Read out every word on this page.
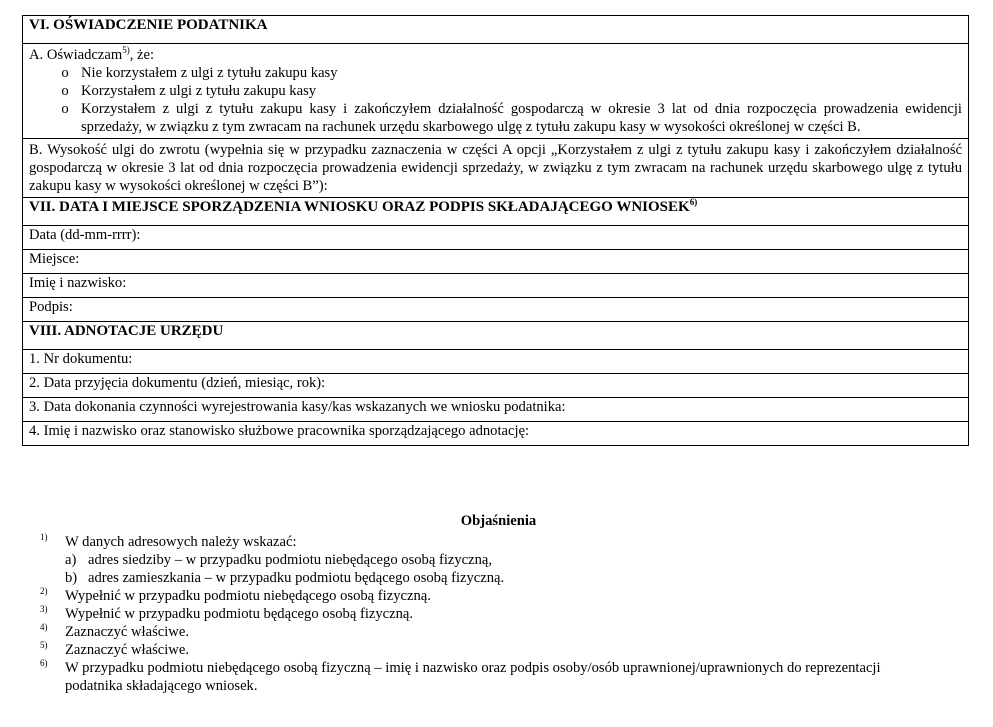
VI. OŚWIADCZENIE PODATNIKA

A. Oświadczam$^{5)}$, że:
o Nie korzystałem z ulgi z tytułu zakupu kasy
o Korzystałem z ulgi z tytułu zakupu kasy
o Korzystałem z ulgi z tytułu zakupu kasy i zakończyłem działalność gospodarczą w okresie 3 lat od dnia rozpoczęcia prowadzenia ewidencji sprzedaży, w związku z tym zwracam na rachunek urzędu skarbowego ulgę z tytułu zakupu kasy w wysokości określonej w części B.

B. Wysokość ulgi do zwrotu (wypełnia się w przypadku zaznaczenia w części A opcji „Korzystałem z ulgi z tytułu zakupu kasy i zakończyłem działalność gospodarczą w okresie 3 lat od dnia rozpoczęcia prowadzenia ewidencji sprzedaży, w związku z tym zwracam na rachunek urzędu skarbowego ulgę z tytułu zakupu kasy w wysokości określonej w części B”):
VII. DATA I MIEJSCE SPORZĄDZENIA WNIOSKU ORAZ PODPIS SKŁADAJĄCEGO WNIOSEK$^{6)}$
Data (dd-mm-rrrr):
Miejsce:
Imię i nazwisko:
Podpis:
VIII. ADNOTACJE URZĘDU
1. Nr dokumentu:
2. Data przyjęcia dokumentu (dzień, miesiąc, rok):
3. Data dokonania czynności wyrejestrowania kasy/kas wskazanych we wniosku podatnika:
4. Imię i nazwisko oraz stanowisko służbowe pracownika sporządzającego adnotację:
Objaśnienia
1) W danych adresowych należy wskazać:
a) adres siedziby – w przypadku podmiotu niebędącego osobą fizyczną,
b) adres zamieszkania – w przypadku podmiotu będącego osobą fizyczną.
2) Wypełnić w przypadku podmiotu niebędącego osobą fizyczną.
3) Wypełnić w przypadku podmiotu będącego osobą fizyczną.
4) Zaznaczyć właściwe.
5) Zaznaczyć właściwe.
6) W przypadku podmiotu niebędącego osobą fizyczną – imię i nazwisko oraz podpis osoby/osób uprawnionej/uprawnionych do reprezentacji podatnika składającego wniosek.
